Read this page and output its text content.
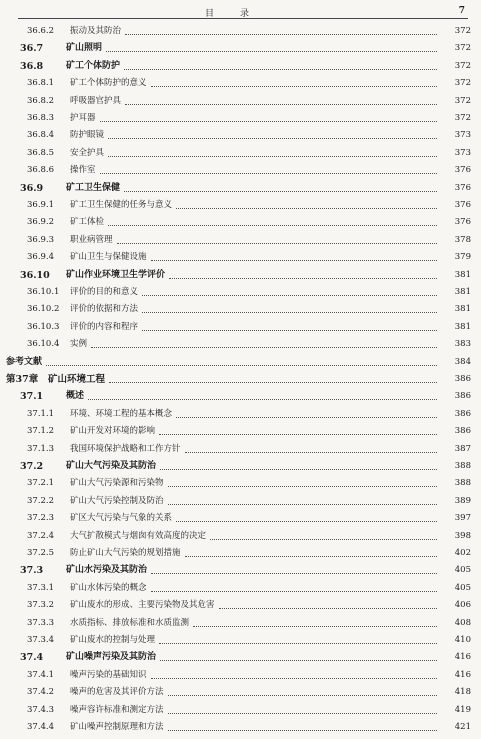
目录	7
36.6.2 振动及其防治	372
36.7	矿山照明	372
36.8	矿工个体防护	372
36.8.1 矿工个体防护的意义	372
36.8.2 呼吸器官护具	372
36.8.3 护耳器	372
36.8.4 防护眼镜	373
36.8.5 安全护具	373
36.8.6 操作室	376
36.9	矿工卫生保健	376
36.9.1 矿工卫生保健的任务与意义	376
36.9.2 矿工体检	376
36.9.3 职业病管理	378
36.9.4 矿山卫生与保健设施	379
36.10 矿山作业环境卫生学评价	381
36.10.1 评价的目的和意义	381
36.10.2 评价的依据和方法	381
36.10.3 评价的内容和程序	381
36.10.4 实例	383
参考文献	384
第37章 矿山环境工程	386
37.1	概述	386
37.1.1 环境、环境工程的基本概念	386
37.1.2 矿山开发对环境的影响	386
37.1.3 我国环境保护战略和工作方针	387
37.2	矿山大气污染及其防治	388
37.2.1 矿山大气污染源和污染物	388
37.2.2 矿山大气污染控制及防治	389
37.2.3 矿区大气污染与气象的关系	397
37.2.4 大气扩散模式与烟囱有效高度的决定	398
37.2.5 防止矿山大气污染的规划措施	402
37.3	矿山水污染及其防治	405
37.3.1 矿山水体污染的概念	405
37.3.2 矿山废水的形成、主要污染物及其危害	406
37.3.3 水质指标、排放标准和水质监测	408
37.3.4 矿山废水的控制与处理	410
37.4	矿山噪声污染及其防治	416
37.4.1 噪声污染的基础知识	416
37.4.2 噪声的危害及其评价方法	418
37.4.3 噪声容许标准和测定方法	419
37.4.4 矿山噪声控制原理和方法	421
